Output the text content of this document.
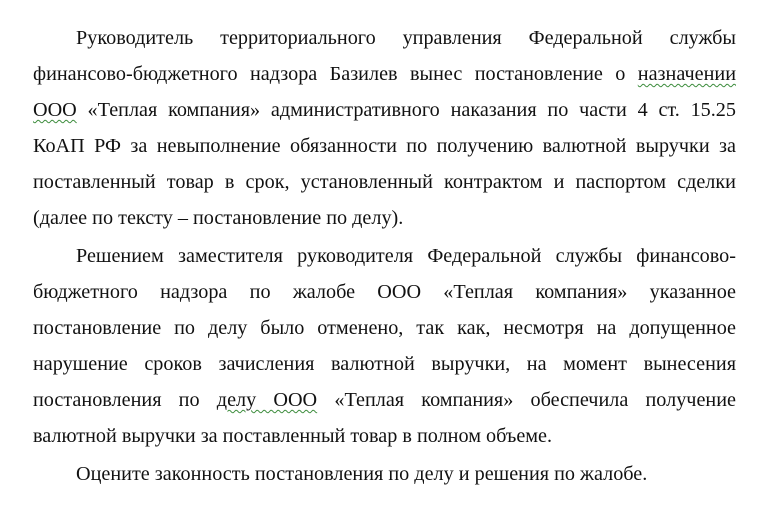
Руководитель территориального управления Федеральной службы финансово-бюджетного надзора Базилев вынес постановление о назначении ООО «Теплая компания» административного наказания по части 4 ст. 15.25 КоАП РФ за невыполнение обязанности по получению валютной выручки за поставленный товар в срок, установленный контрактом и паспортом сделки (далее по тексту – постановление по делу).

Решением заместителя руководителя Федеральной службы финансово-бюджетного надзора по жалобе ООО «Теплая компания» указанное постановление по делу было отменено, так как, несмотря на допущенное нарушение сроков зачисления валютной выручки, на момент вынесения постановления по делу ООО «Теплая компания» обеспечила получение валютной выручки за поставленный товар в полном объеме.

Оцените законность постановления по делу и решения по жалобе.
